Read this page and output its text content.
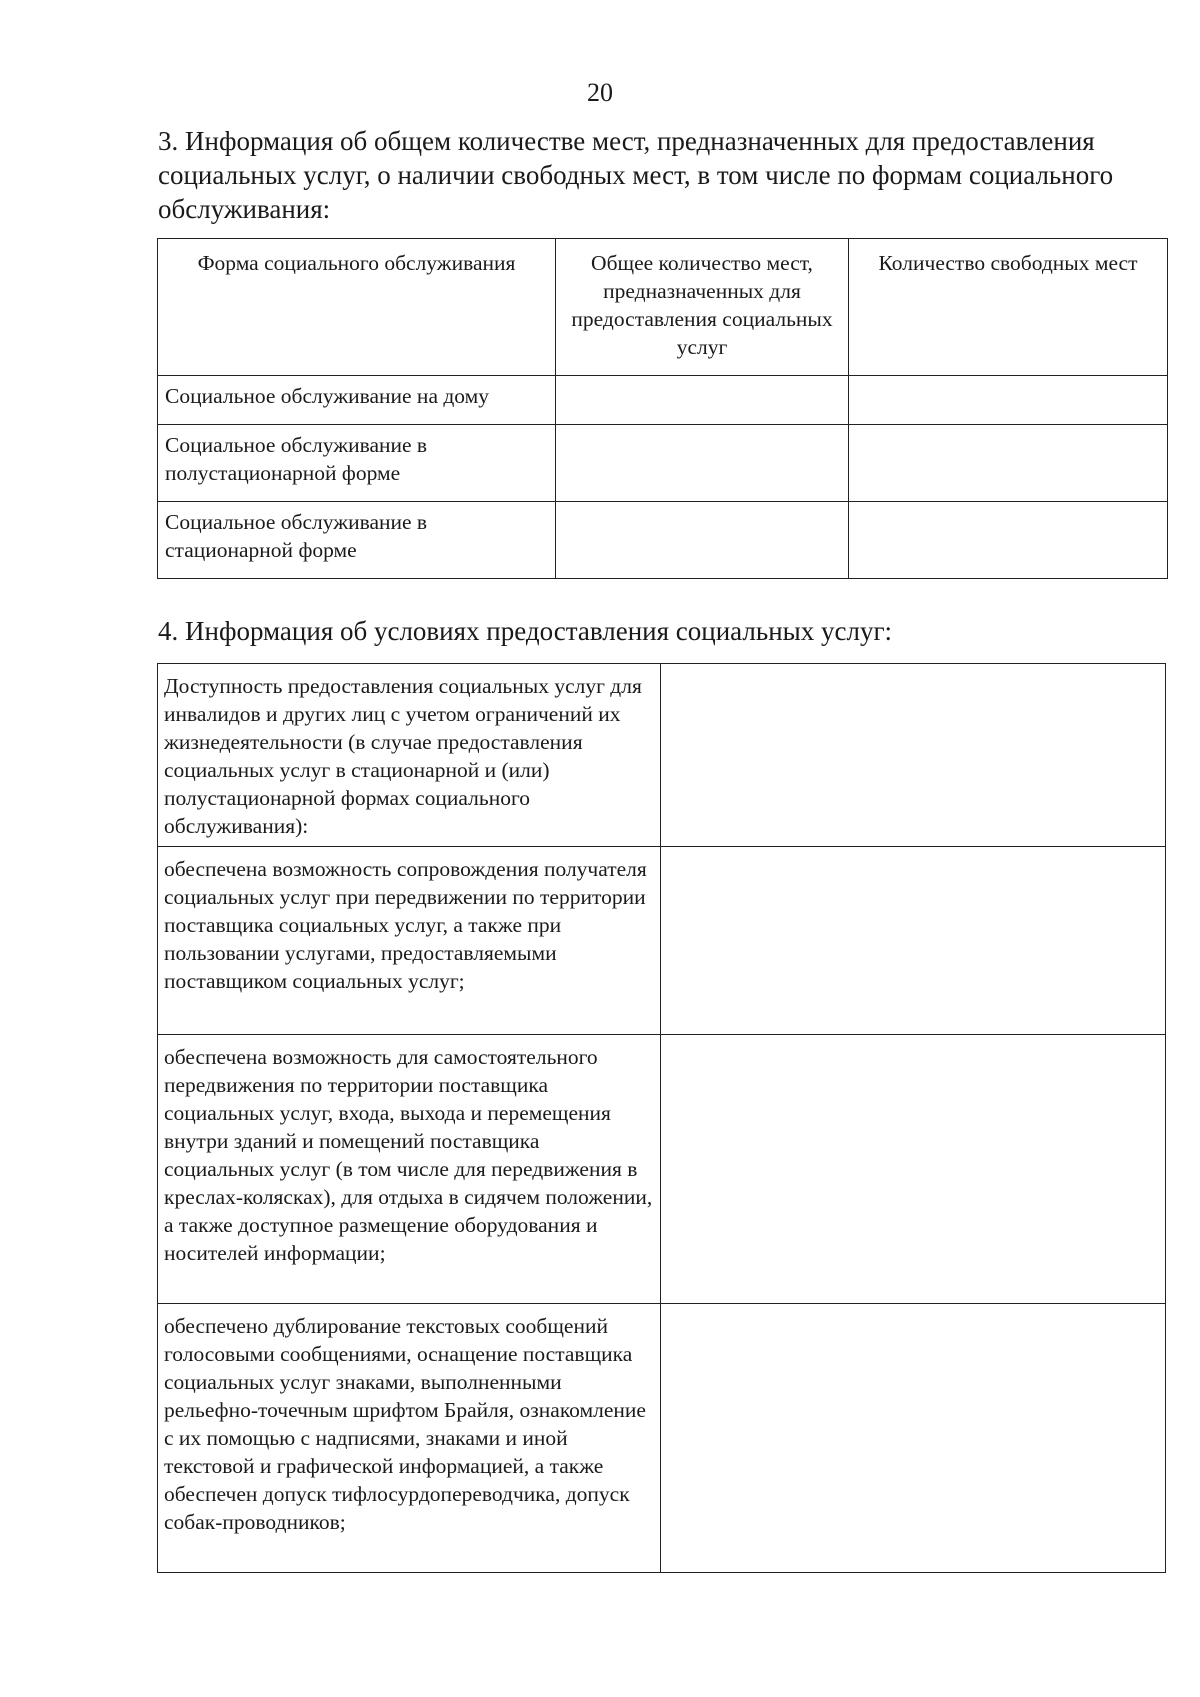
20
3. Информация об общем количестве мест, предназначенных для предоставления социальных услуг, о наличии свободных мест, в том числе по формам социального обслуживания:
Форма социального обслуживания	Общее количество мест, предназначенных для предоставления социальных услуг	Количество свободных мест
Социальное обслуживание на дому		
Социальное обслуживание в полустационарной форме		
Социальное обслуживание в стационарной форме		
4. Информация об условиях предоставления социальных услуг:
Доступность предоставления социальных услуг для инвалидов и других лиц с учетом ограничений их жизнедеятельности (в случае предоставления социальных услуг в стационарной и (или) полустационарной формах социального обслуживания):	
обеспечена возможность сопровождения получателя социальных услуг при передвижении по территории поставщика социальных услуг, а также при пользовании услугами, предоставляемыми поставщиком социальных услуг;	
обеспечена возможность для самостоятельного передвижения по территории поставщика социальных услуг, входа, выхода и перемещения внутри зданий и помещений поставщика социальных услуг (в том числе для передвижения в креслах-колясках), для отдыха в сидячем положении, а также доступное размещение оборудования и носителей информации;	
обеспечено дублирование текстовых сообщений голосовыми сообщениями, оснащение поставщика социальных услуг знаками, выполненными рельефно-точечным шрифтом Брайля, ознакомление с их помощью с надписями, знаками и иной текстовой и графической информацией, а также обеспечен допуск тифлосурдопереводчика, допуск собак-проводников;	
